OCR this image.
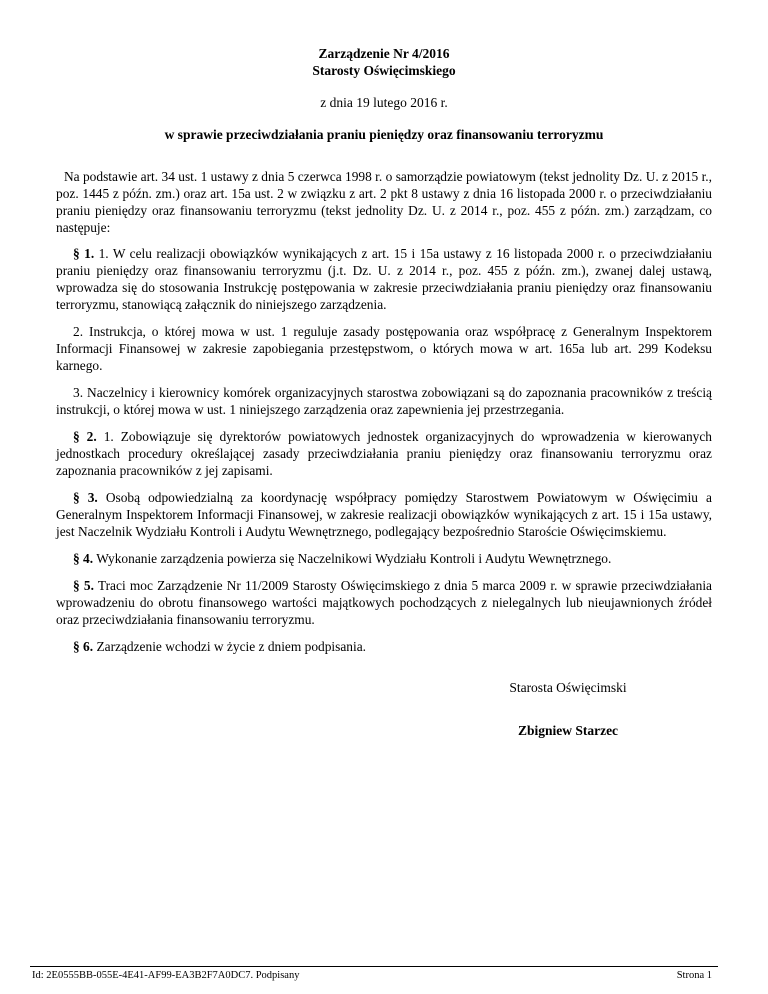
Zarządzenie Nr 4/2016
Starosty Oświęcimskiego
z dnia 19 lutego 2016 r.
w sprawie przeciwdziałania praniu pieniędzy oraz finansowaniu terroryzmu

Na podstawie art. 34 ust. 1 ustawy z dnia 5 czerwca 1998 r. o samorządzie powiatowym (tekst jednolity Dz. U. z 2015 r., poz. 1445 z późn. zm.) oraz art. 15a ust. 2 w związku z art. 2 pkt 8 ustawy z dnia 16 listopada 2000 r. o przeciwdziałaniu praniu pieniędzy oraz finansowaniu terroryzmu (tekst jednolity Dz. U. z 2014 r., poz. 455 z późn. zm.) zarządzam, co następuje:

§ 1. 1. W celu realizacji obowiązków wynikających z art. 15 i 15a ustawy z 16 listopada 2000 r. o przeciwdziałaniu praniu pieniędzy oraz finansowaniu terroryzmu (j.t. Dz. U. z 2014 r., poz. 455 z późn. zm.), zwanej dalej ustawą, wprowadza się do stosowania Instrukcję postępowania w zakresie przeciwdziałania praniu pieniędzy oraz finansowaniu terroryzmu, stanowiącą załącznik do niniejszego zarządzenia.

2. Instrukcja, o której mowa w ust. 1 reguluje zasady postępowania oraz współpracę z Generalnym Inspektorem Informacji Finansowej w zakresie zapobiegania przestępstwom, o których mowa w art. 165a lub art. 299 Kodeksu karnego.

3. Naczelnicy i kierownicy komórek organizacyjnych starostwa zobowiązani są do zapoznania pracowników z treścią instrukcji, o której mowa w ust. 1 niniejszego zarządzenia oraz zapewnienia jej przestrzegania.

§ 2. 1. Zobowiązuje się dyrektorów powiatowych jednostek organizacyjnych do wprowadzenia w kierowanych jednostkach procedury określającej zasady przeciwdziałania praniu pieniędzy oraz finansowaniu terroryzmu oraz zapoznania pracowników z jej zapisami.

§ 3. Osobą odpowiedzialną za koordynację współpracy pomiędzy Starostwem Powiatowym w Oświęcimiu a Generalnym Inspektorem Informacji Finansowej, w zakresie realizacji obowiązków wynikających z art. 15 i 15a ustawy, jest Naczelnik Wydziału Kontroli i Audytu Wewnętrznego, podlegający bezpośrednio Staroście Oświęcimskiemu.

§ 4. Wykonanie zarządzenia powierza się Naczelnikowi Wydziału Kontroli i Audytu Wewnętrznego.

§ 5. Traci moc Zarządzenie Nr 11/2009 Starosty Oświęcimskiego z dnia 5 marca 2009 r. w sprawie przeciwdziałania wprowadzeniu do obrotu finansowego wartości majątkowych pochodzących z nielegalnych lub nieujawnionych źródeł oraz przeciwdziałania finansowaniu terroryzmu.

§ 6. Zarządzenie wchodzi w życie z dniem podpisania.

Starosta Oświęcimski
Zbigniew Starzec
Id: 2E0555BB-055E-4E41-AF99-EA3B2F7A0DC7. Podpisany	Strona 1
